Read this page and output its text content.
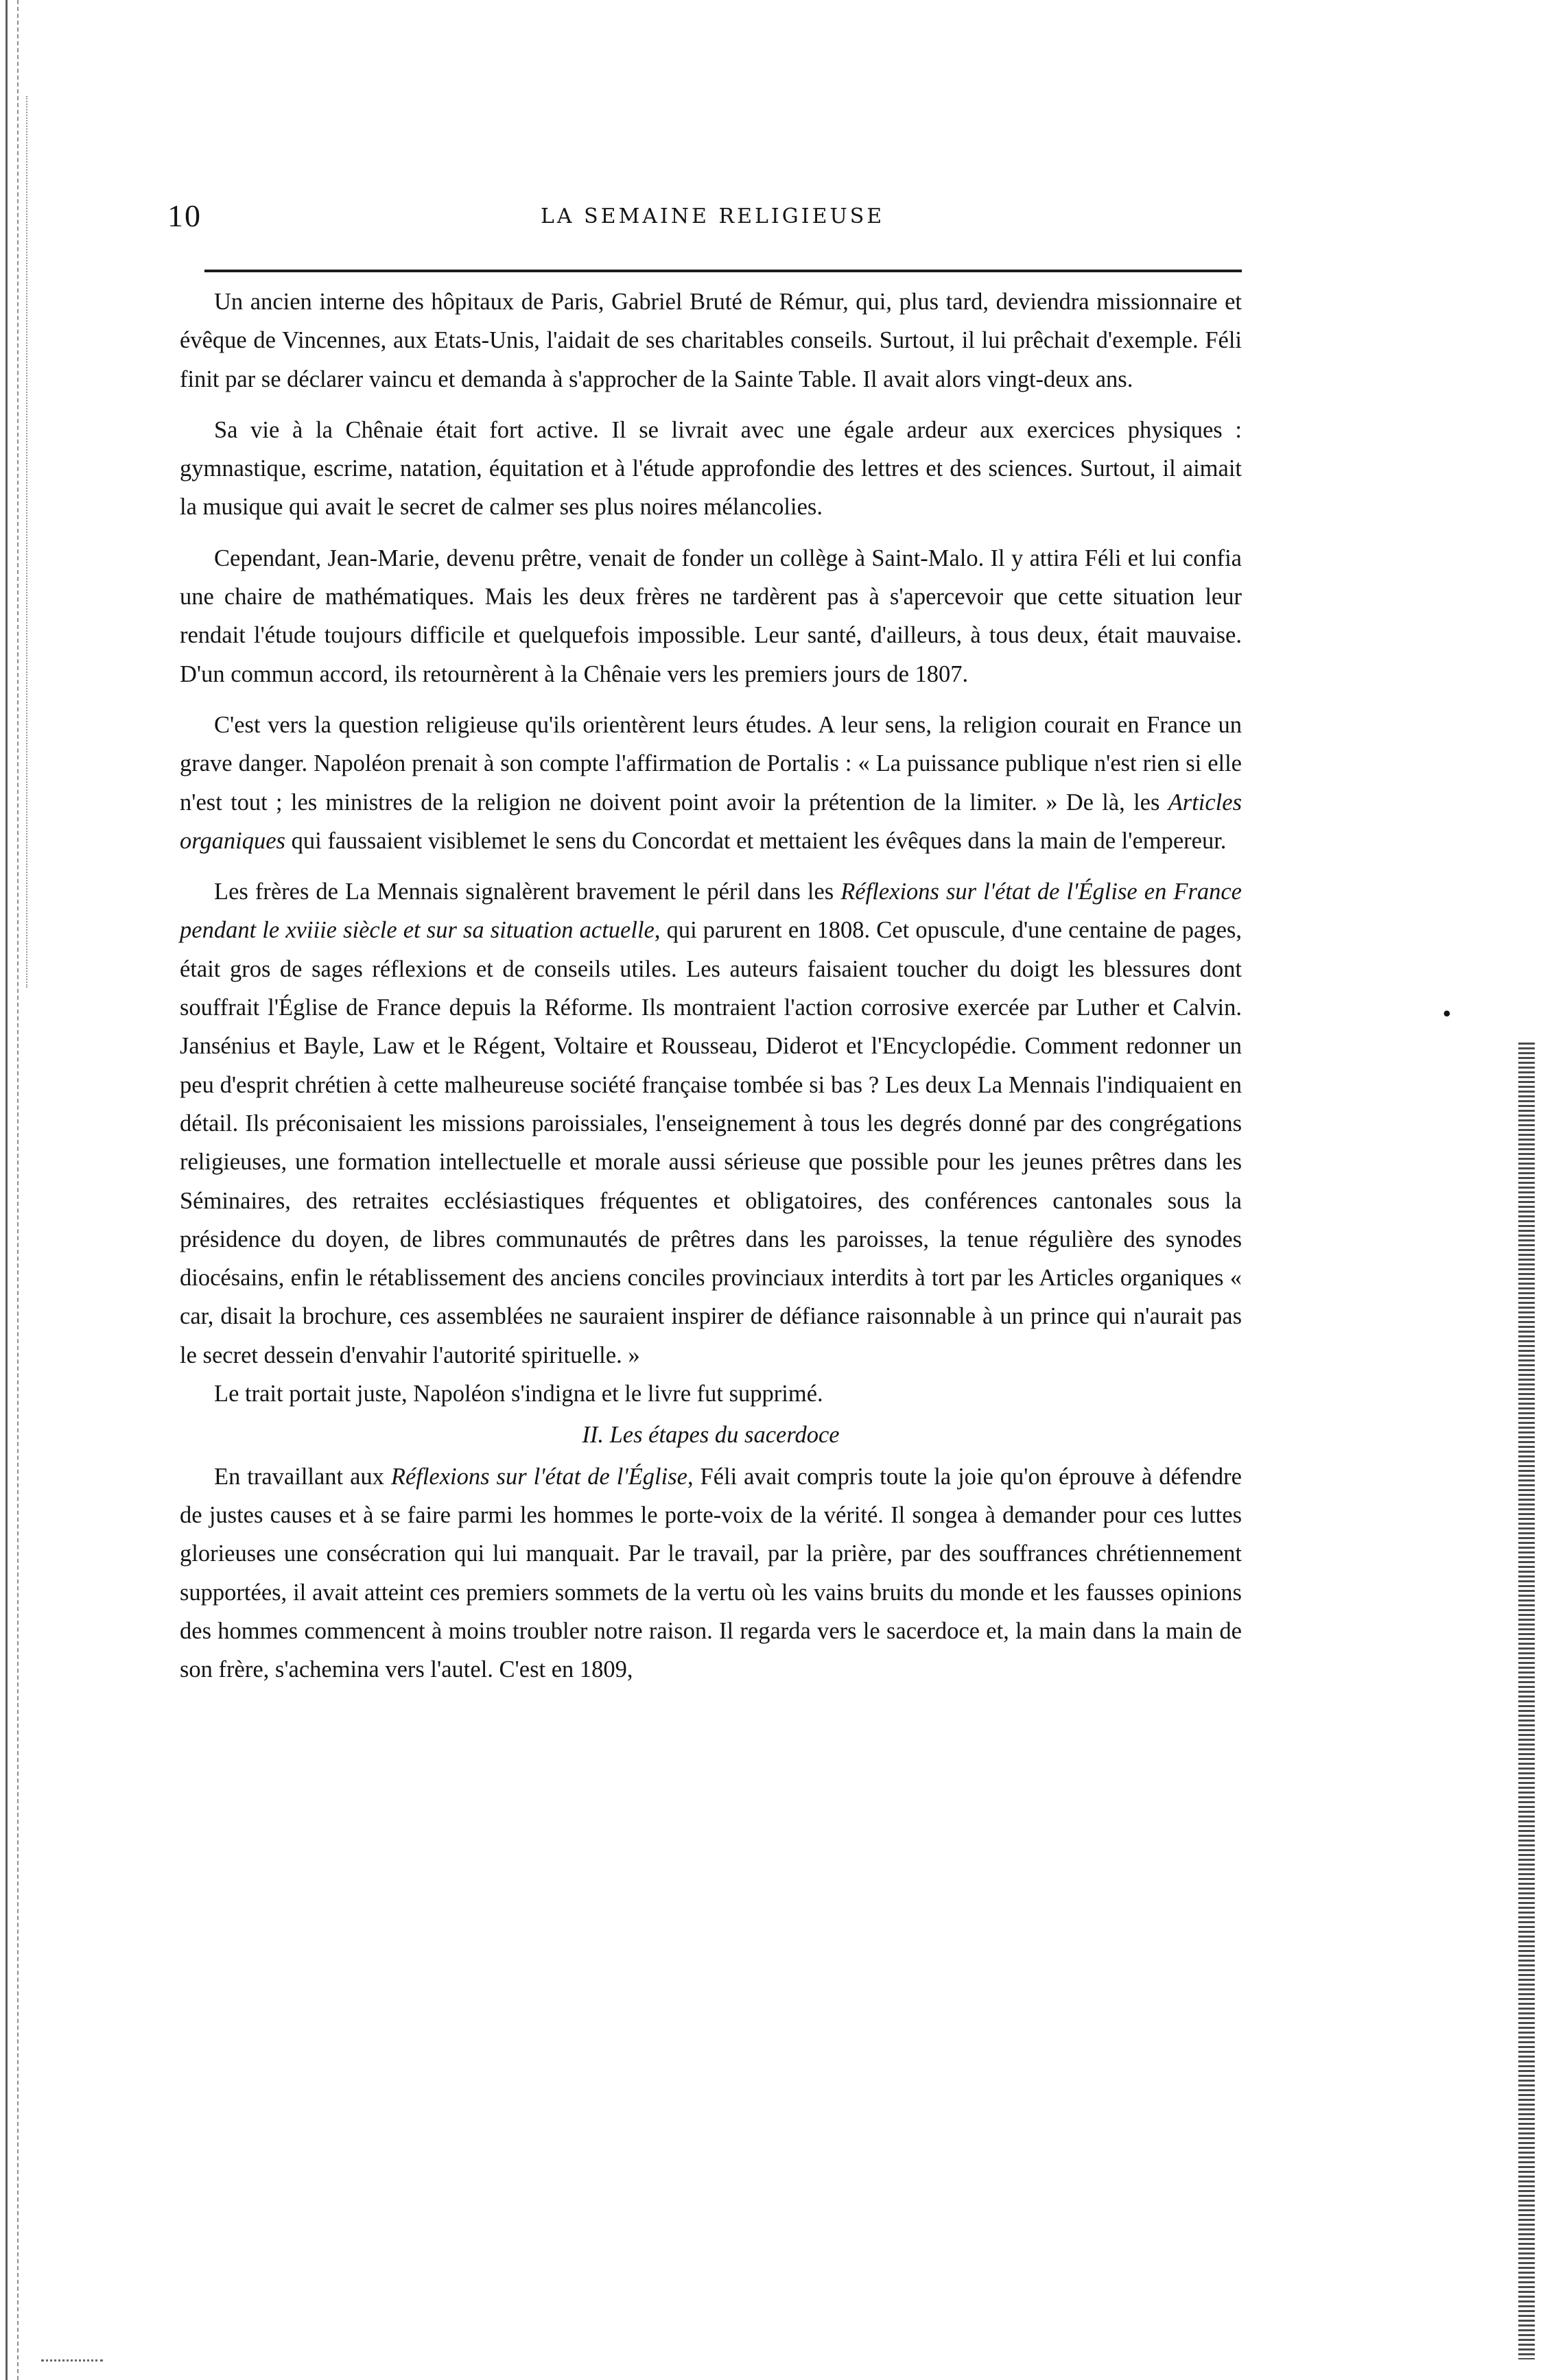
10	LA SEMAINE RELIGIEUSE

Un ancien interne des hôpitaux de Paris, Gabriel Bruté de Rémur, qui, plus tard, deviendra missionnaire et évêque de Vincennes, aux Etats-Unis, l'aidait de ses charitables conseils. Surtout, il lui prêchait d'exemple. Féli finit par se déclarer vaincu et demanda à s'approcher de la Sainte Table. Il avait alors vingt-deux ans.

Sa vie à la Chênaie était fort active. Il se livrait avec une égale ardeur aux exercices physiques : gymnastique, escrime, natation, équitation et à l'étude approfondie des lettres et des sciences. Surtout, il aimait la musique qui avait le secret de calmer ses plus noires mélancolies.

Cependant, Jean-Marie, devenu prêtre, venait de fonder un collège à Saint-Malo. Il y attira Féli et lui confia une chaire de mathématiques. Mais les deux frères ne tardèrent pas à s'apercevoir que cette situation leur rendait l'étude toujours difficile et quelquefois impossible. Leur santé, d'ailleurs, à tous deux, était mauvaise. D'un commun accord, ils retournèrent à la Chênaie vers les premiers jours de 1807.

C'est vers la question religieuse qu'ils orientèrent leurs études. A leur sens, la religion courait en France un grave danger. Napoléon prenait à son compte l'affirmation de Portalis : « La puissance publique n'est rien si elle n'est tout ; les ministres de la religion ne doivent point avoir la prétention de la limiter. » De là, les Articles organiques qui faussaient visiblemet le sens du Concordat et mettaient les évêques dans la main de l'empereur.

Les frères de La Mennais signalèrent bravement le péril dans les Réflexions sur l'état de l'Église en France pendant le xviiie siècle et sur sa situation actuelle, qui parurent en 1808. Cet opuscule, d'une centaine de pages, était gros de sages réflexions et de conseils utiles. Les auteurs faisaient toucher du doigt les blessures dont souffrait l'Église de France depuis la Réforme. Ils montraient l'action corrosive exercée par Luther et Calvin. Jansénius et Bayle, Law et le Régent, Voltaire et Rousseau, Diderot et l'Encyclopédie. Comment redonner un peu d'esprit chrétien à cette malheureuse société française tombée si bas ? Les deux La Mennais l'indiquaient en détail. Ils préconisaient les missions paroissiales, l'enseignement à tous les degrés donné par des congrégations religieuses, une formation intellectuelle et morale aussi sérieuse que possible pour les jeunes prêtres dans les Séminaires, des retraites ecclésiastiques fréquentes et obligatoires, des conférences cantonales sous la présidence du doyen, de libres communautés de prêtres dans les paroisses, la tenue régulière des synodes diocésains, enfin le rétablissement des anciens conciles provinciaux interdits à tort par les Articles organiques « car, disait la brochure, ces assemblées ne sauraient inspirer de défiance raisonnable à un prince qui n'aurait pas le secret dessein d'envahir l'autorité spirituelle. »

Le trait portait juste, Napoléon s'indigna et le livre fut supprimé.

II. Les étapes du sacerdoce

En travaillant aux Réflexions sur l'état de l'Église, Féli avait compris toute la joie qu'on éprouve à défendre de justes causes et à se faire parmi les hommes le porte-voix de la vérité. Il songea à demander pour ces luttes glorieuses une consécration qui lui manquait. Par le travail, par la prière, par des souffrances chrétiennement supportées, il avait atteint ces premiers sommets de la vertu où les vains bruits du monde et les fausses opinions des hommes commencent à moins troubler notre raison. Il regarda vers le sacerdoce et, la main dans la main de son frère, s'achemina vers l'autel. C'est en 1809,

•
